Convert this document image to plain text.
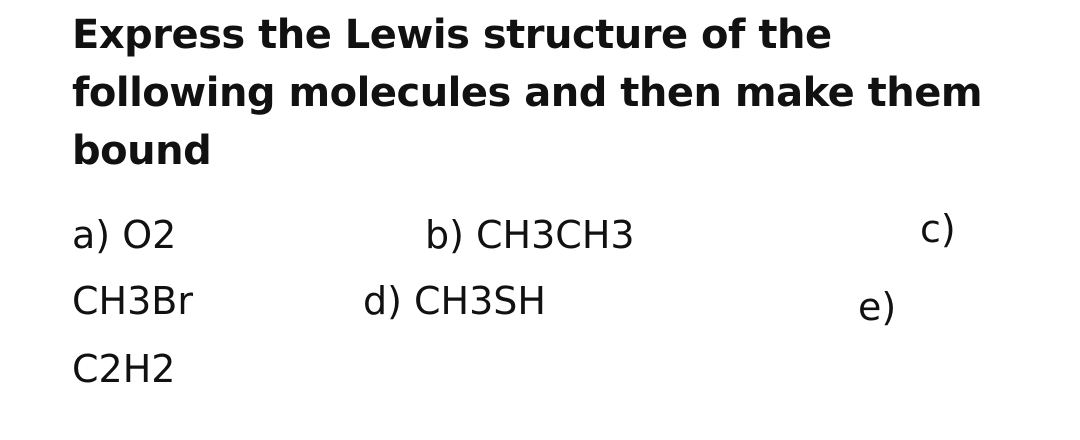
Express the Lewis structure of the
following molecules and then make them
bound
a) O2	b) CH3CH3	c)
CH3Br	d) CH3SH	e)
C2H2
